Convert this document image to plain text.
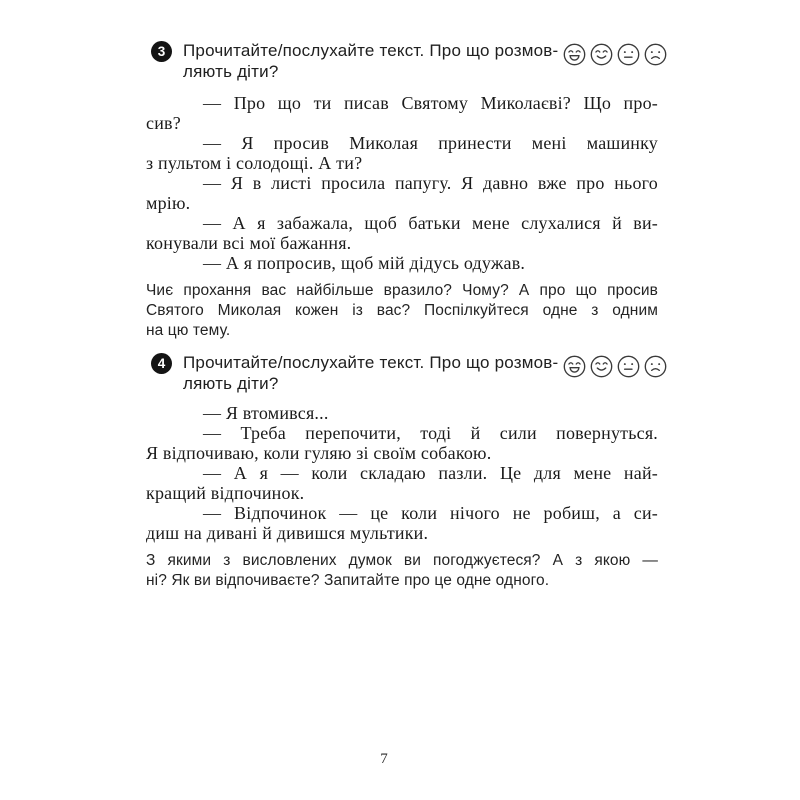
3	Прочитайте/послухайте текст. Про що розмов-
ляють діти?
— Про що ти писав Святому Миколаєві? Що про-
сив?
— Я просив Миколая принести мені машинку
з пультом і солодощі. А ти?
— Я в листі просила папугу. Я давно вже про нього
мрію.
— А я забажала, щоб батьки мене слухалися й ви-
конували всі мої бажання.
— А я попросив, щоб мій дідусь одужав.
Чиє прохання вас найбільше вразило? Чому? А про що просив
Святого Миколая кожен із вас? Поспілкуйтеся одне з одним
на цю тему.
4	Прочитайте/послухайте текст. Про що розмов-
ляють діти?
— Я втомився...
— Треба перепочити, тоді й сили повернуться.
Я відпочиваю, коли гуляю зі своїм собакою.
— А я — коли складаю пазли. Це для мене най-
кращий відпочинок.
— Відпочинок — це коли нічого не робиш, а си-
диш на дивані й дивишся мультики.
З якими з висловлених думок ви погоджуєтеся? А з якою —
ні? Як ви відпочиваєте? Запитайте про це одне одного.
7
